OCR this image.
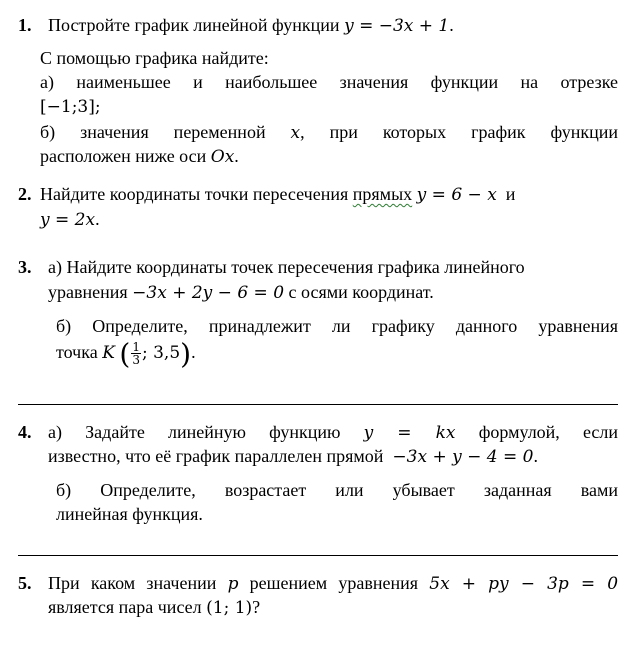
1. Постройте график линейной функции y = −3x + 1.
С помощью графика найдите:
а) наименьшее и наибольшее значения функции на отрезке
[−1;3];
б) значения переменной x, при которых график функции
расположен ниже оси Ox.
2. Найдите координаты точки пересечения прямых y = 6 − x и
y = 2x.
3. а) Найдите координаты точек пересечения графика линейного
уравнения −3x + 2y − 6 = 0 с осями координат.
б) Определите, принадлежит ли графику данного уравнения
точка K ( $\frac{1}{3}$ ; 3,5).
4. а) Задайте линейную функцию y = kx формулой, если
известно, что её график параллелен прямой −3x + y − 4 = 0.
б) Определите, возрастает или убывает заданная вами
линейная функция.
5. При каком значении p решением уравнения 5x + py − 3p = 0
является пара чисел (1; 1)?
